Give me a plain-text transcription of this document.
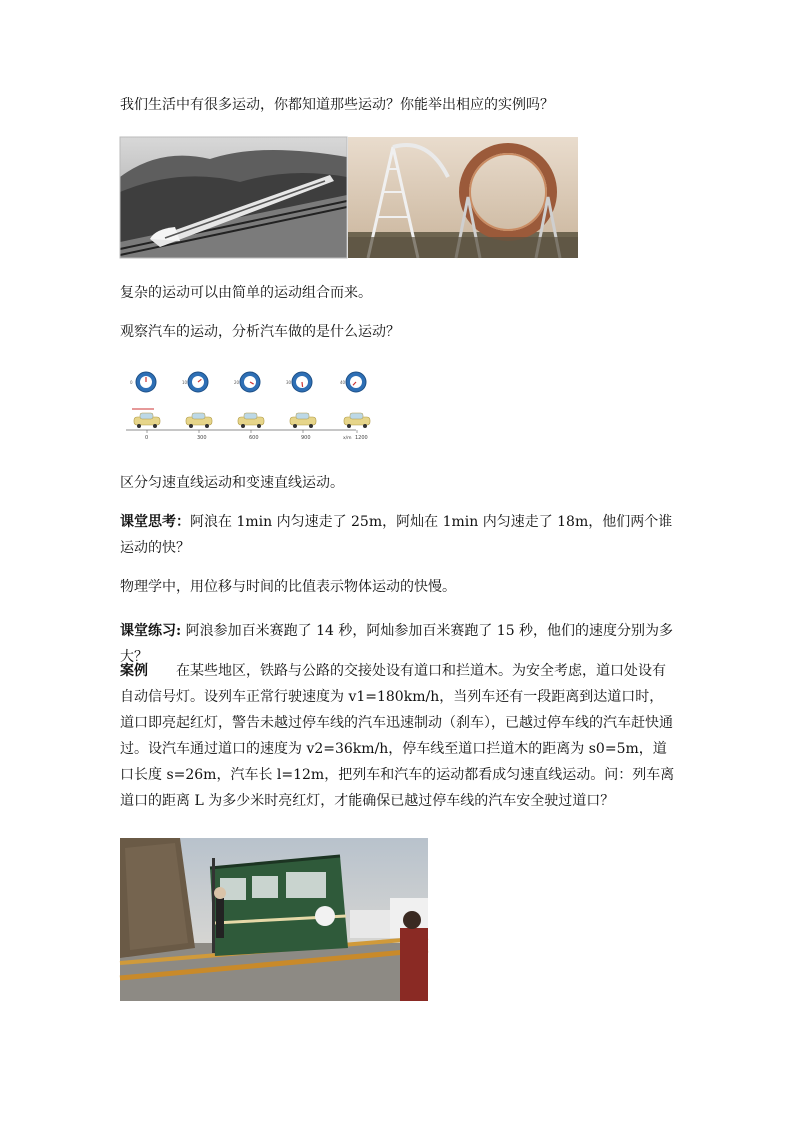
我们生活中有很多运动，你都知道那些运动？你能举出相应的实例吗？

复杂的运动可以由简单的运动组合而来。

观察汽车的运动，分析汽车做的是什么运动？

0
0
10
300
20
600
30
900
40
1200
x/m

区分匀速直线运动和变速直线运动。

课堂思考：阿浪在 1min 内匀速走了 25m，阿灿在 1min 内匀速走了 18m，他们两个谁运动的快？

物理学中，用位移与时间的比值表示物体运动的快慢。

课堂练习: 阿浪参加百米赛跑了 14 秒，阿灿参加百米赛跑了 15 秒，他们的速度分别为多大？

案例　　在某些地区，铁路与公路的交接处设有道口和拦道木。为安全考虑，道口处设有自动信号灯。设列车正常行驶速度为 v1=180km/h，当列车还有一段距离到达道口时，道口即亮起红灯，警告未越过停车线的汽车迅速制动（刹车），已越过停车线的汽车赶快通过。设汽车通过道口的速度为 v2=36km/h，停车线至道口拦道木的距离为 s0=5m，道口长度 s=26m，汽车长 l=12m，把列车和汽车的运动都看成匀速直线运动。问：列车离道口的距离 L 为多少米时亮红灯，才能确保已越过停车线的汽车安全驶过道口？
